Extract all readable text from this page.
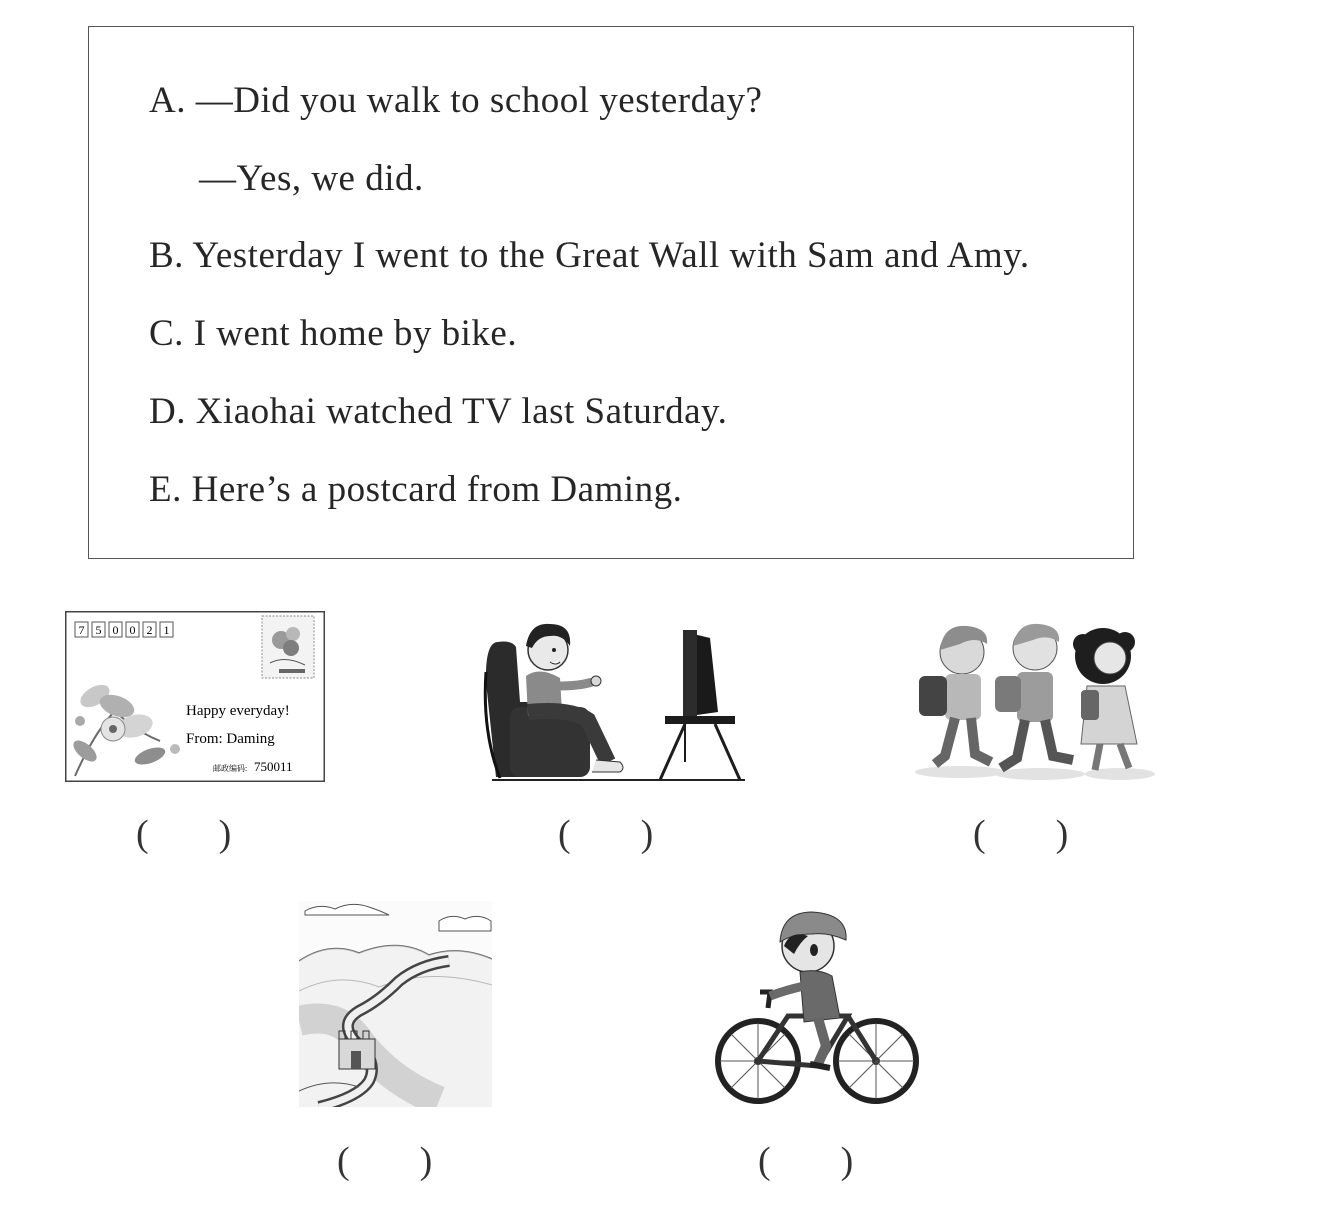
A. —Did you walk to school yesterday?
—Yes, we did.
B. Yesterday I went to the Great Wall with Sam and Amy.
C. I went home by bike.
D. Xiaohai watched TV last Saturday.
E. Here’s a postcard from Daming.
7 5 0 0 2 1
Happy everyday!
From: Daming
邮政编码: 750011
( )	( )	( )
( )	( )
